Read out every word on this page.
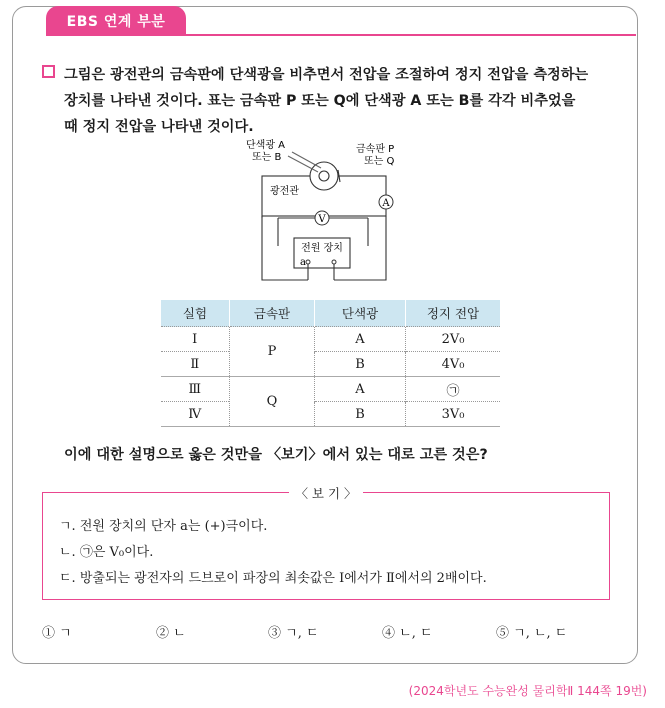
EBS 연계 부분
그림은 광전관의 금속판에 단색광을 비추면서 전압을 조절하여 정지 전압을 측정하는
장치를 나타낸 것이다. 표는 금속판 P 또는 Q에 단색광 A 또는 B를 각각 비추었을
때 정지 전압을 나타낸 것이다.
V
A
단색광 A
또는 B
금속판 P
또는 Q
광전관
전원 장치
a
실험	금속판	단색광	정지 전압
Ⅰ	P	A	2V₀
Ⅱ		B	4V₀
Ⅲ	Q	A	㉠
Ⅳ		B	3V₀
이에 대한 설명으로 옳은 것만을 〈보기〉에서 있는 대로 고른 것은?
〈 보 기 〉
ㄱ. 전원 장치의 단자 a는 (+)극이다.
ㄴ. ㉠은 V₀이다.
ㄷ. 방출되는 광전자의 드브로이 파장의 최솟값은 Ⅰ에서가 Ⅱ에서의 2배이다.
① ㄱ	② ㄴ	③ ㄱ, ㄷ	④ ㄴ, ㄷ	⑤ ㄱ, ㄴ, ㄷ
(2024학년도 수능완성 물리학Ⅱ 144쪽 19번)
